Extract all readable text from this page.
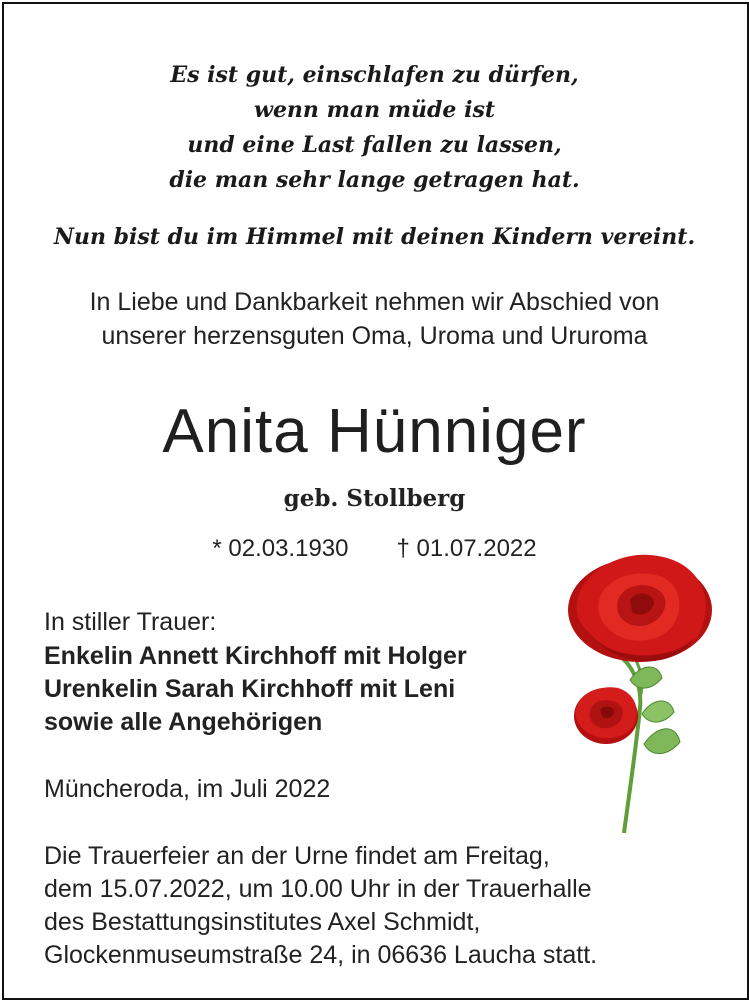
Es ist gut, einschlafen zu dürfen,
wenn man müde ist
und eine Last fallen zu lassen,
die man sehr lange getragen hat.
Nun bist du im Himmel mit deinen Kindern vereint.
In Liebe und Dankbarkeit nehmen wir Abschied von
unserer herzensguten Oma, Uroma und Ururoma
Anita Hünniger
geb. Stollberg
* 02.03.1930 † 01.07.2022
In stiller Trauer:
Enkelin Annett Kirchhoff mit Holger
Urenkelin Sarah Kirchhoff mit Leni
sowie alle Angehörigen
Müncheroda, im Juli 2022
Die Trauerfeier an der Urne findet am Freitag,
dem 15.07.2022, um 10.00 Uhr in der Trauerhalle
des Bestattungsinstitutes Axel Schmidt,
Glockenmuseumstraße 24, in 06636 Laucha statt.
